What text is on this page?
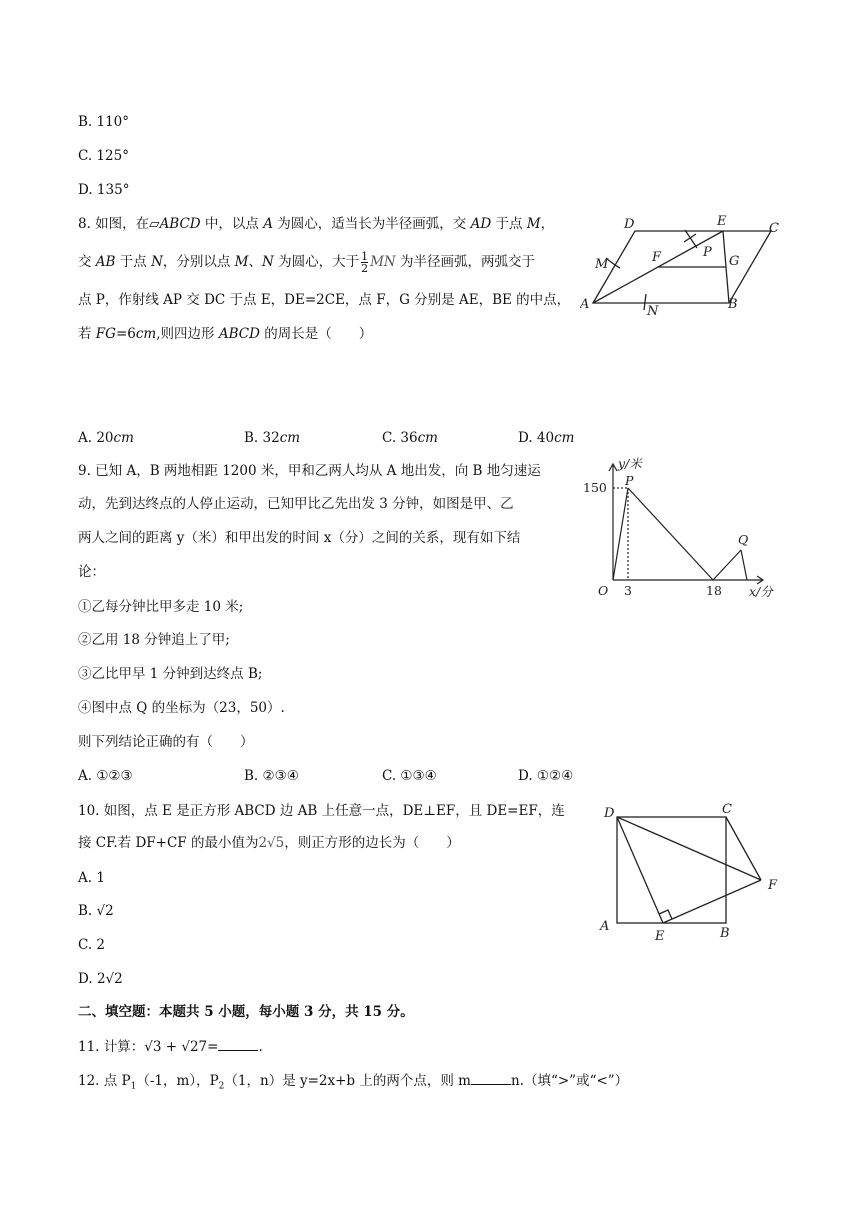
B. 110°
C. 125°
D. 135°
8. 如图，在▱ABCD 中，以点 A 为圆心，适当长为半径画弧，交 AD 于点 M，
交 AB 于点 N，分别以点 M、N 为圆心，大于 $\frac{1}{2}$ MN 为半径画弧，两弧交于
点 P，作射线 AP 交 DC 于点 E，DE=2CE，点 F，G 分别是 AE，BE 的中点，
若 FG=6cm,则四边形 ABCD 的周长是（　　）
A. 20cm	B. 32cm	C. 36cm	D. 40cm
D	E	C
M	F	P
G
A	N	B
9. 已知 A，B 两地相距 1200 米，甲和乙两人均从 A 地出发，向 B 地匀速运
动，先到达终点的人停止运动，已知甲比乙先出发 3 分钟，如图是甲、乙
两人之间的距离 y（米）和甲出发的时间 x（分）之间的关系，现有如下结
论：
①乙每分钟比甲多走 10 米;
②乙用 18 分钟追上了甲;
③乙比甲早 1 分钟到达终点 B;
④图中点 Q 的坐标为（23，50）.
则下列结论正确的有（　　）
A. ①②③	B. ②③④	C. ①③④	D. ①②④
y/米
x/分
150
3	18
O
P
Q
10. 如图，点 E 是正方形 ABCD 边 AB 上任意一点，DE⊥EF，且 DE=EF，连
接 CF.若 DF+CF 的最小值为2√5，则正方形的边长为（　　）
A. 1
B. √2
C. 2
D. 2√2
D	C
F
A
E	B
二、填空题：本题共 5 小题，每小题 3 分，共 15 分。
11. 计算：√3 + √27=	.
12. 点 $P_1(-1$，m），$P_2(1$，n）是 y=2x+b 上的两个点，则 m	n.（填“>”或“<”）
